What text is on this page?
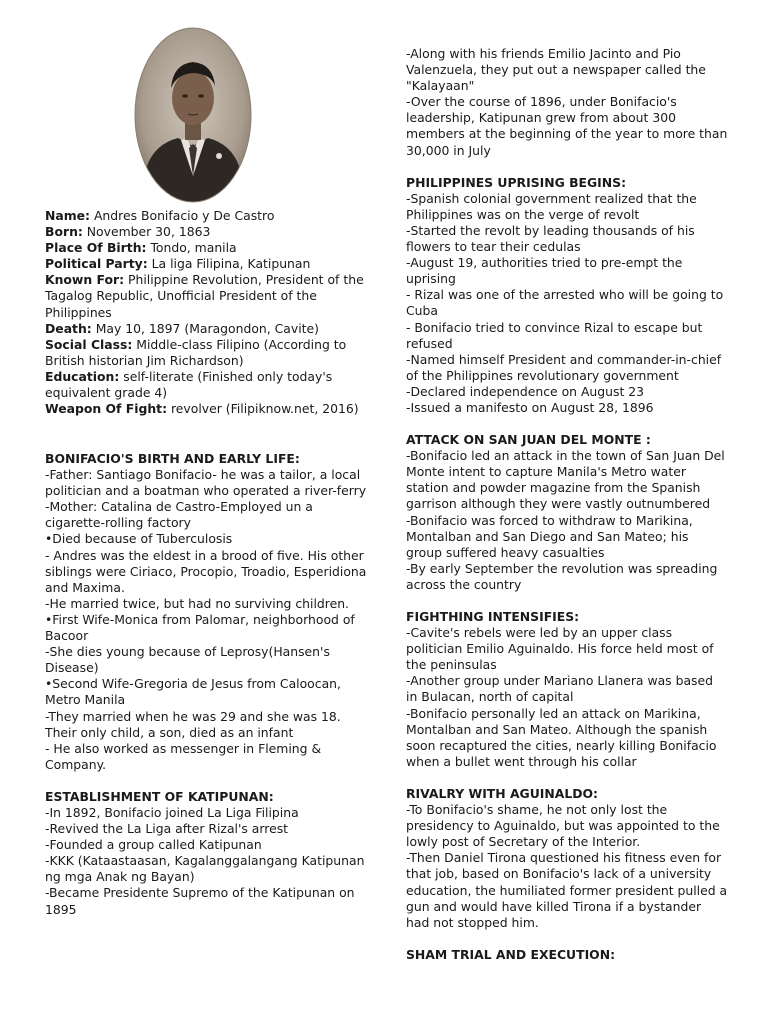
Name: Andres Bonifacio y De Castro

Born: November 30, 1863

Place Of Birth: Tondo, manila

Political Party: La liga Filipina, Katipunan

Known For: Philippine Revolution, President of the Tagalog Republic, Unofficial President of the Philippines

Death: May 10, 1897 (Maragondon, Cavite)

Social Class: Middle-class Filipino (According to British historian Jim Richardson)

Education: self-literate (Finished only today's equivalent grade 4)

Weapon Of Fight: revolver (Filipiknow.net, 2016)

BONIFACIO'S BIRTH AND EARLY LIFE:

-Father: Santiago Bonifacio- he was a tailor, a local politician and a boatman who operated a river-ferry

-Mother: Catalina de Castro-Employed un a cigarette-rolling factory

•Died because of Tuberculosis

- Andres was the eldest in a brood of five. His other siblings were Ciriaco, Procopio, Troadio, Esperidiona and Maxima.

-He married twice, but had no surviving children.

•First Wife-Monica from Palomar, neighborhood of Bacoor

-She dies young because of Leprosy(Hansen's Disease)

•Second Wife-Gregoria de Jesus from Caloocan, Metro Manila

-They married when he was 29 and she was 18. Their only child, a son, died as an infant

- He also worked as messenger in Fleming & Company.

ESTABLISHMENT OF KATIPUNAN:

-In 1892, Bonifacio joined La Liga Filipina

-Revived the La Liga after Rizal's arrest

-Founded a group called Katipunan

-KKK (Kataastaasan, Kagalanggalangang Katipunan ng mga Anak ng Bayan)

-Became Presidente Supremo of the Katipunan on 1895

-Along with his friends Emilio Jacinto and Pio Valenzuela, they put out a newspaper called the "Kalayaan"

-Over the course of 1896, under Bonifacio's leadership, Katipunan grew from about 300 members at the beginning of the year to more than 30,000 in July

PHILIPPINES UPRISING BEGINS:

-Spanish colonial government realized that the Philippines was on the verge of revolt

-Started the revolt by leading thousands of his flowers to tear their cedulas

-August 19, authorities tried to pre-empt the uprising

- Rizal was one of the arrested who will be going to Cuba

- Bonifacio tried to convince Rizal to escape but refused

-Named himself President and commander-in-chief of the Philippines revolutionary government

-Declared independence on August 23

-Issued a manifesto on August 28, 1896

ATTACK ON SAN JUAN DEL MONTE :

-Bonifacio led an attack in the town of San Juan Del Monte intent to capture Manila's Metro water station and powder magazine from the Spanish garrison although they were vastly outnumbered

-Bonifacio was forced to withdraw to Marikina, Montalban and San Diego and San Mateo; his group suffered heavy casualties

-By early September the revolution was spreading across the country

FIGHTHING INTENSIFIES:

-Cavite's rebels were led by an upper class politician Emilio Aguinaldo. His force held most of the peninsulas

-Another group under Mariano Llanera was based in Bulacan, north of capital

-Bonifacio personally led an attack on Marikina, Montalban and San Mateo. Although the spanish soon recaptured the cities, nearly killing Bonifacio when a bullet went through his collar

RIVALRY WITH AGUINALDO:

-To Bonifacio's shame, he not only lost the presidency to Aguinaldo, but was appointed to the lowly post of Secretary of the Interior.

-Then Daniel Tirona questioned his fitness even for that job, based on Bonifacio's lack of a university education, the humiliated former president pulled a gun and would have killed Tirona if a bystander had not stopped him.

SHAM TRIAL AND EXECUTION:
